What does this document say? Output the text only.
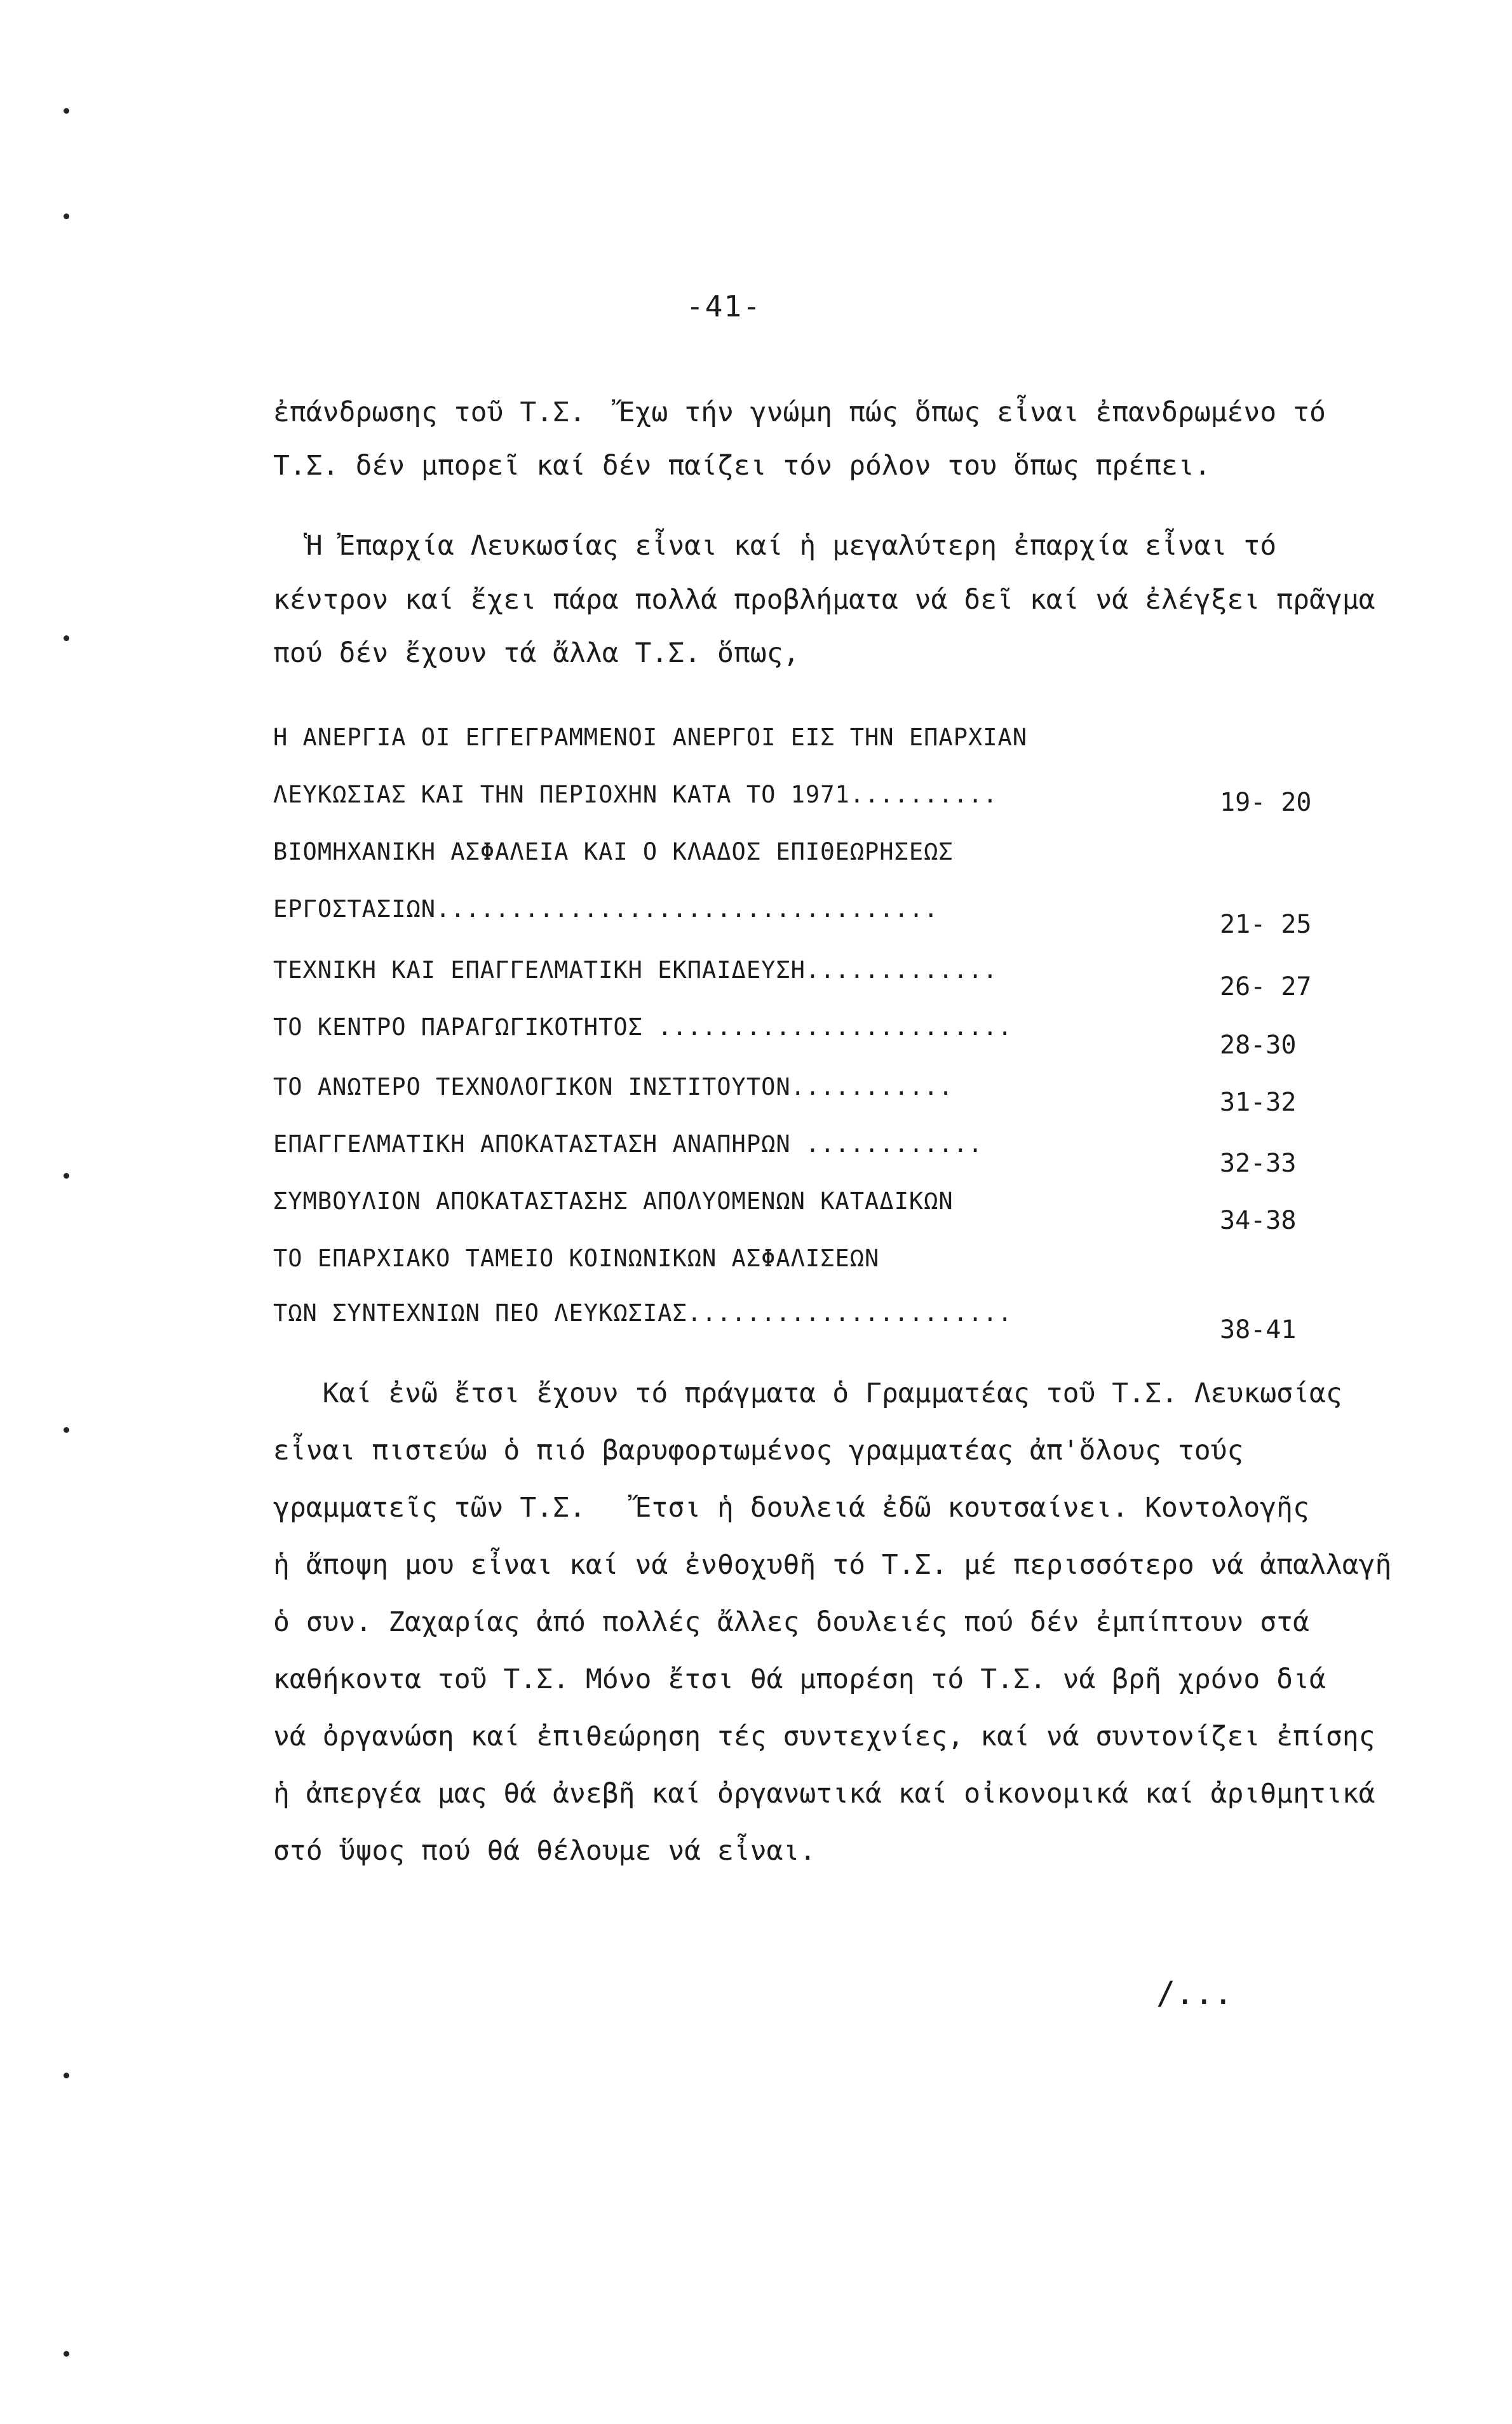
-41-
ἐπάνδρωσης τοῦ Τ.Σ.  Ἔχω τήν γνώμη πώς ὅπως εἶναι ἐπανδρωμένο τό
Τ.Σ. δέν μπορεῖ καί δέν παίζει τόν ρόλον του ὅπως πρέπει.
Ἡ Ἐπαρχία Λευκωσίας εἶναι καί ἡ μεγαλύτερη ἐπαρχία εἶναι τό
κέντρον καί ἔχει πάρα πολλά προβλήματα νά δεῖ καί νά ἐλέγξει πρᾶγμα
πού δέν ἔχουν τά ἄλλα Τ.Σ. ὅπως,
Η ΑΝΕΡΓΙΑ ΟΙ ΕΓΓΕΓΡΑΜΜΕΝΟΙ ΑΝΕΡΓΟΙ ΕΙΣ ΤΗΝ ΕΠΑΡΧΙΑΝ
ΛΕΥΚΩΣΙΑΣ ΚΑΙ ΤΗΝ ΠΕΡΙΟΧΗΝ ΚΑΤΑ ΤΟ 1971..........	19- 20
ΒΙΟΜΗΧΑΝΙΚΗ ΑΣΦΑΛΕΙΑ ΚΑΙ Ο ΚΛΑΔΟΣ ΕΠΙΘΕΩΡΗΣΕΩΣ
ΕΡΓΟΣΤΑΣΙΩΝ..................................
21- 25
ΤΕΧΝΙΚΗ ΚΑΙ ΕΠΑΓΓΕΛΜΑΤΙΚΗ ΕΚΠΑΙΔΕΥΣΗ.............
26- 27
ΤΟ ΚΕΝΤΡΟ ΠΑΡΑΓΩΓΙΚΟΤΗΤΟΣ ........................
28-30
ΤΟ ΑΝΩΤΕΡΟ ΤΕΧΝΟΛΟΓΙΚΟΝ ΙΝΣΤΙΤΟΥΤΟΝ...........
31-32
ΕΠΑΓΓΕΛΜΑΤΙΚΗ ΑΠΟΚΑΤΑΣΤΑΣΗ ΑΝΑΠΗΡΩΝ ............
32-33
ΣΥΜΒΟΥΛΙΟΝ ΑΠΟΚΑΤΑΣΤΑΣΗΣ ΑΠΟΛΥΟΜΕΝΩΝ ΚΑΤΑΔΙΚΩΝ
34-38
ΤΟ ΕΠΑΡΧΙΑΚΟ ΤΑΜΕΙΟ ΚΟΙΝΩΝΙΚΩΝ ΑΣΦΑΛΙΣΕΩΝ
ΤΩΝ ΣΥΝΤΕΧΝΙΩΝ ΠΕΟ ΛΕΥΚΩΣΙΑΣ......................
38-41
Καί ἐνῶ ἔτσι ἔχουν τό πράγματα ὁ Γραμματέας τοῦ Τ.Σ. Λευκωσίας
εἶναι πιστεύω ὁ πιό βαρυφορτωμένος γραμματέας ἀπ'ὅλους τούς
γραμματεῖς τῶν Τ.Σ.   Ἔτσι ἡ δουλειά ἐδῶ κουτσαίνει. Κοντολογῆς
ἡ ἄποψη μου εἶναι καί νά ἐνθοχυθῆ τό Τ.Σ. μέ περισσότερο νά ἀπαλλαγῆ
ὁ συν. Ζαχαρίας ἀπό πολλές ἄλλες δουλειές πού δέν ἐμπίπτουν στά
καθήκοντα τοῦ Τ.Σ. Μόνο ἔτσι θά μπορέση τό Τ.Σ. νά βρῆ χρόνο διά
νά ὀργανώση καί ἐπιθεώρηση τές συντεχνίες, καί νά συντονίζει ἐπίσης
ἡ ἀπεργέα μας θά ἀνεβῆ καί ὀργανωτικά καί οἰκονομικά καί ἀριθμητικά
στό ὕψος πού θά θέλουμε νά εἶναι.
/...
